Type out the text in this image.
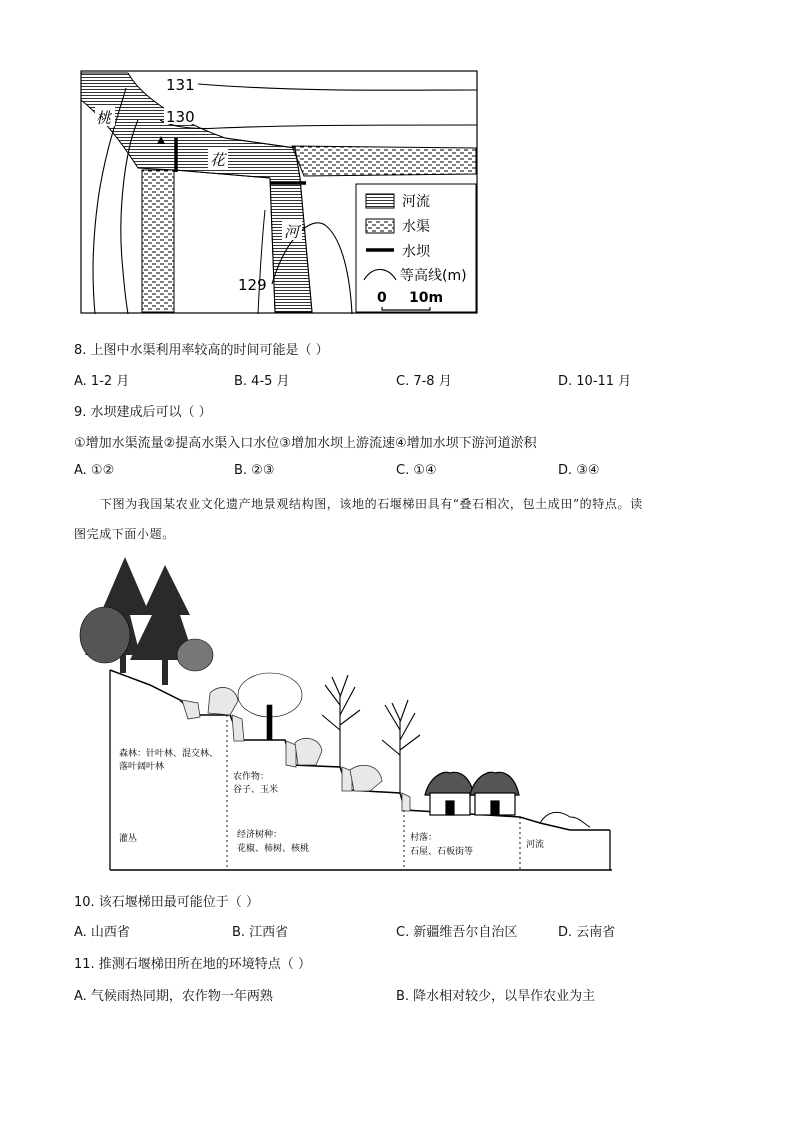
131
130
129
桃
花
河
河流
水渠
水坝
等高线(m)
0 10m
8. 上图中水渠利用率较高的时间可能是（ ）
A. 1-2 月	B. 4-5 月	C. 7-8 月	D. 10-11 月
9. 水坝建成后可以（ ）
①增加水渠流量②提高水渠入口水位③增加水坝上游流速④增加水坝下游河道淤积
A. ①②	B. ②③	C. ①④	D. ③④
下图为我国某农业文化遗产地景观结构图，该地的石堰梯田具有“叠石相次，包土成田”的特点。读
图完成下面小题。
森林：针叶林、混交林、
落叶阔叶林
农作物：
谷子、玉米
灌丛	经济树种：
花椒、柿树、核桃
村落：
石屋、石板街等
河流
10. 该石堰梯田最可能位于（ ）
A. 山西省	B. 江西省	C. 新疆维吾尔自治区	D. 云南省
11. 推测石堰梯田所在地的环境特点（ ）
A. 气候雨热同期，农作物一年两熟	B. 降水相对较少，以旱作农业为主
